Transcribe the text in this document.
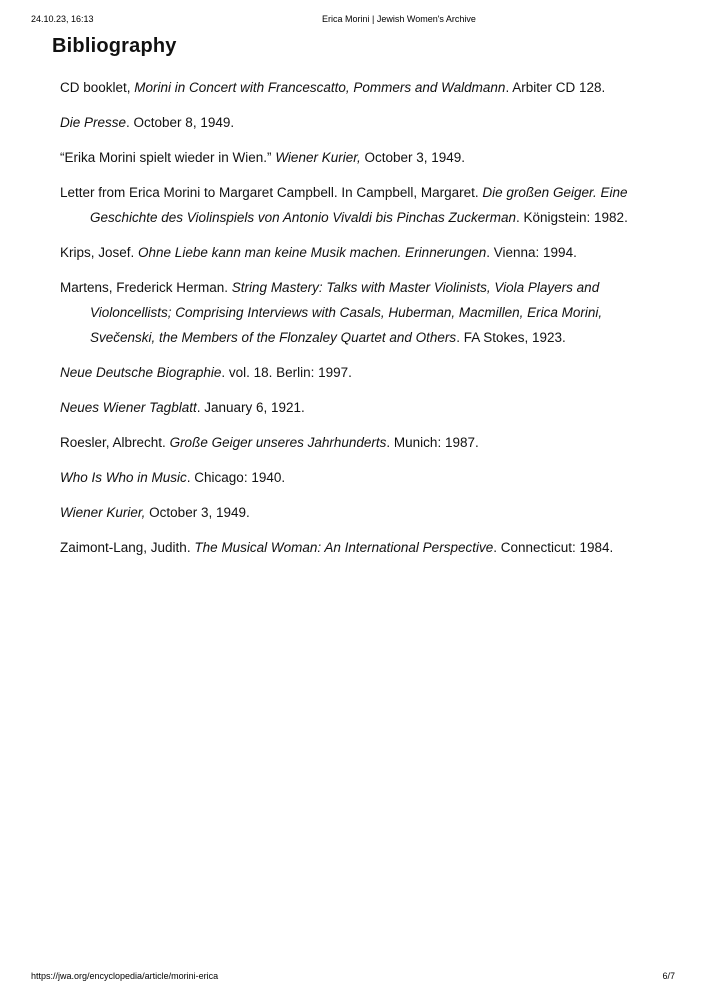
24.10.23, 16:13	Erica Morini | Jewish Women's Archive
Bibliography

CD booklet, Morini in Concert with Francescatto, Pommers and Waldmann. Arbiter CD 128.

Die Presse. October 8, 1949.

“Erika Morini spielt wieder in Wien.” Wiener Kurier, October 3, 1949.

Letter from Erica Morini to Margaret Campbell. In Campbell, Margaret. Die großen Geiger. Eine Geschichte des Violinspiels von Antonio Vivaldi bis Pinchas Zuckerman. Königstein: 1982.

Krips, Josef. Ohne Liebe kann man keine Musik machen. Erinnerungen. Vienna: 1994.

Martens, Frederick Herman. String Mastery: Talks with Master Violinists, Viola Players and Violoncellists; Comprising Interviews with Casals, Huberman, Macmillen, Erica Morini, Svečenski, the Members of the Flonzaley Quartet and Others. FA Stokes, 1923.

Neue Deutsche Biographie. vol. 18. Berlin: 1997.

Neues Wiener Tagblatt. January 6, 1921.

Roesler, Albrecht. Große Geiger unseres Jahrhunderts. Munich: 1987.

Who Is Who in Music. Chicago: 1940.

Wiener Kurier, October 3, 1949.

Zaimont-Lang, Judith. The Musical Woman: An International Perspective. Connecticut: 1984.

https://jwa.org/encyclopedia/article/morini-erica	6/7
